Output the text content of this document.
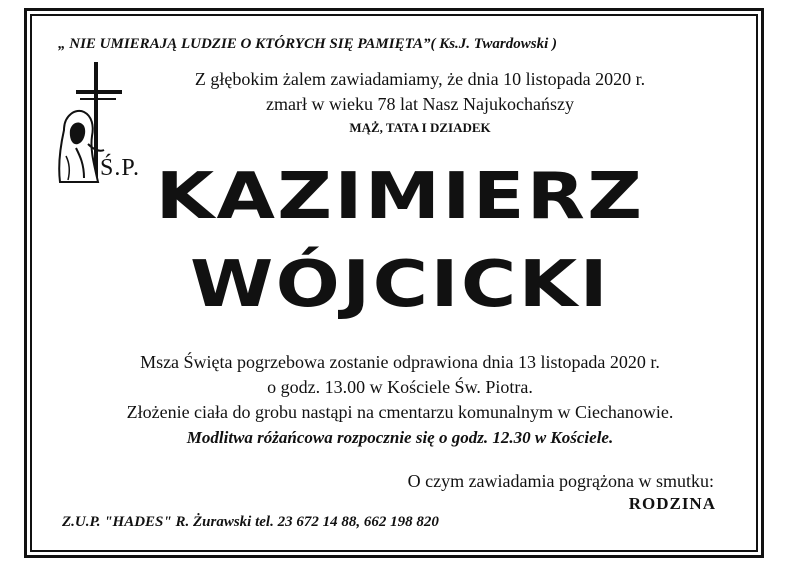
„ NIE UMIERAJĄ LUDZIE O KTÓRYCH SIĘ PAMIĘTA”( Ks.J. Twardowski )
Z głębokim żalem zawiadamiamy, że dnia 10 listopada 2020 r.
zmarł w wieku 78 lat Nasz Najukochańszy
MĄŻ, TATA I DZIADEK
Ś.P. KAZIMIERZ
WÓJCICKI
Msza Święta pogrzebowa zostanie odprawiona dnia 13 listopada 2020 r.
o godz. 13.00 w Kościele Św. Piotra.
Złożenie ciała do grobu nastąpi na cmentarzu komunalnym w Ciechanowie.
Modlitwa różańcowa rozpocznie się o godz. 12.30 w Kościele.
O czym zawiadamia pogrążona w smutku:
RODZINA
Z.U.P. "HADES" R. Żurawski tel. 23 672 14 88, 662 198 820
